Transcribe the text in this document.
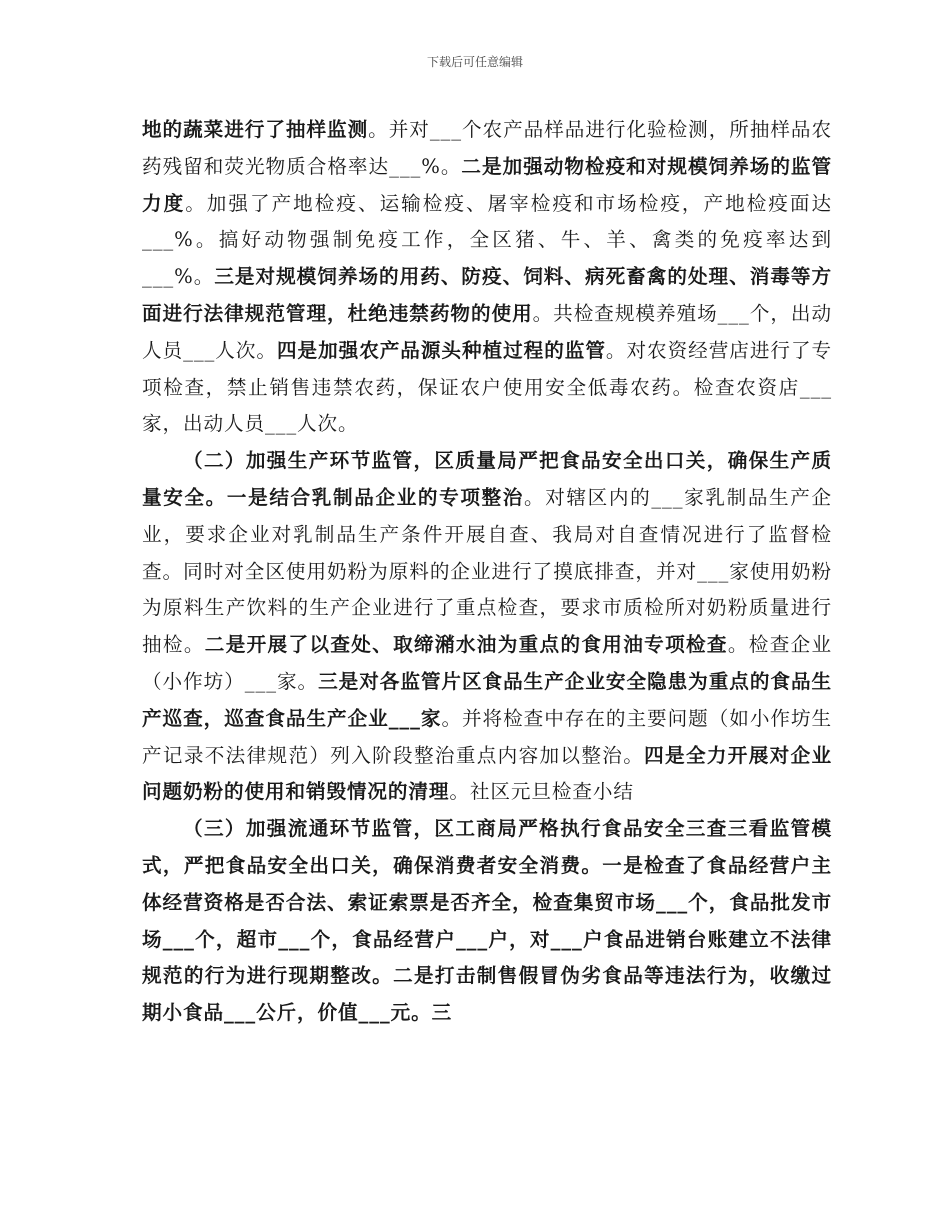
下载后可任意编辑

地的蔬菜进行了抽样监测。并对___个农产品样品进行化验检测，所抽样品农药残留和荧光物质合格率达___%。二是加强动物检疫和对规模饲养场的监管力度。加强了产地检疫、运输检疫、屠宰检疫和市场检疫，产地检疫面达___%。搞好动物强制免疫工作，全区猪、牛、羊、禽类的免疫率达到___%。三是对规模饲养场的用药、防疫、饲料、病死畜禽的处理、消毒等方面进行法律规范管理，杜绝违禁药物的使用。共检查规模养殖场___个，出动人员___人次。四是加强农产品源头种植过程的监管。对农资经营店进行了专项检查，禁止销售违禁农药，保证农户使用安全低毒农药。检查农资店___家，出动人员___人次。

（二）加强生产环节监管，区质量局严把食品安全出口关，确保生产质量安全。一是结合乳制品企业的专项整治。对辖区内的___家乳制品生产企业，要求企业对乳制品生产条件开展自查、我局对自查情况进行了监督检查。同时对全区使用奶粉为原料的企业进行了摸底排查，并对___家使用奶粉为原料生产饮料的生产企业进行了重点检查，要求市质检所对奶粉质量进行抽检。二是开展了以查处、取缔潲水油为重点的食用油专项检查。检查企业（小作坊）___家。三是对各监管片区食品生产企业安全隐患为重点的食品生产巡查，巡查食品生产企业___家。并将检查中存在的主要问题（如小作坊生产记录不法律规范）列入阶段整治重点内容加以整治。四是全力开展对企业问题奶粉的使用和销毁情况的清理。社区元旦检查小结

（三）加强流通环节监管，区工商局严格执行食品安全三查三看监管模式，严把食品安全出口关，确保消费者安全消费。一是检查了食品经营户主体经营资格是否合法、索证索票是否齐全，检查集贸市场___个，食品批发市场___个，超市___个，食品经营户___户，对___户食品进销台账建立不法律规范的行为进行现期整改。二是打击制售假冒伪劣食品等违法行为，收缴过期小食品___公斤，价值___元。三
